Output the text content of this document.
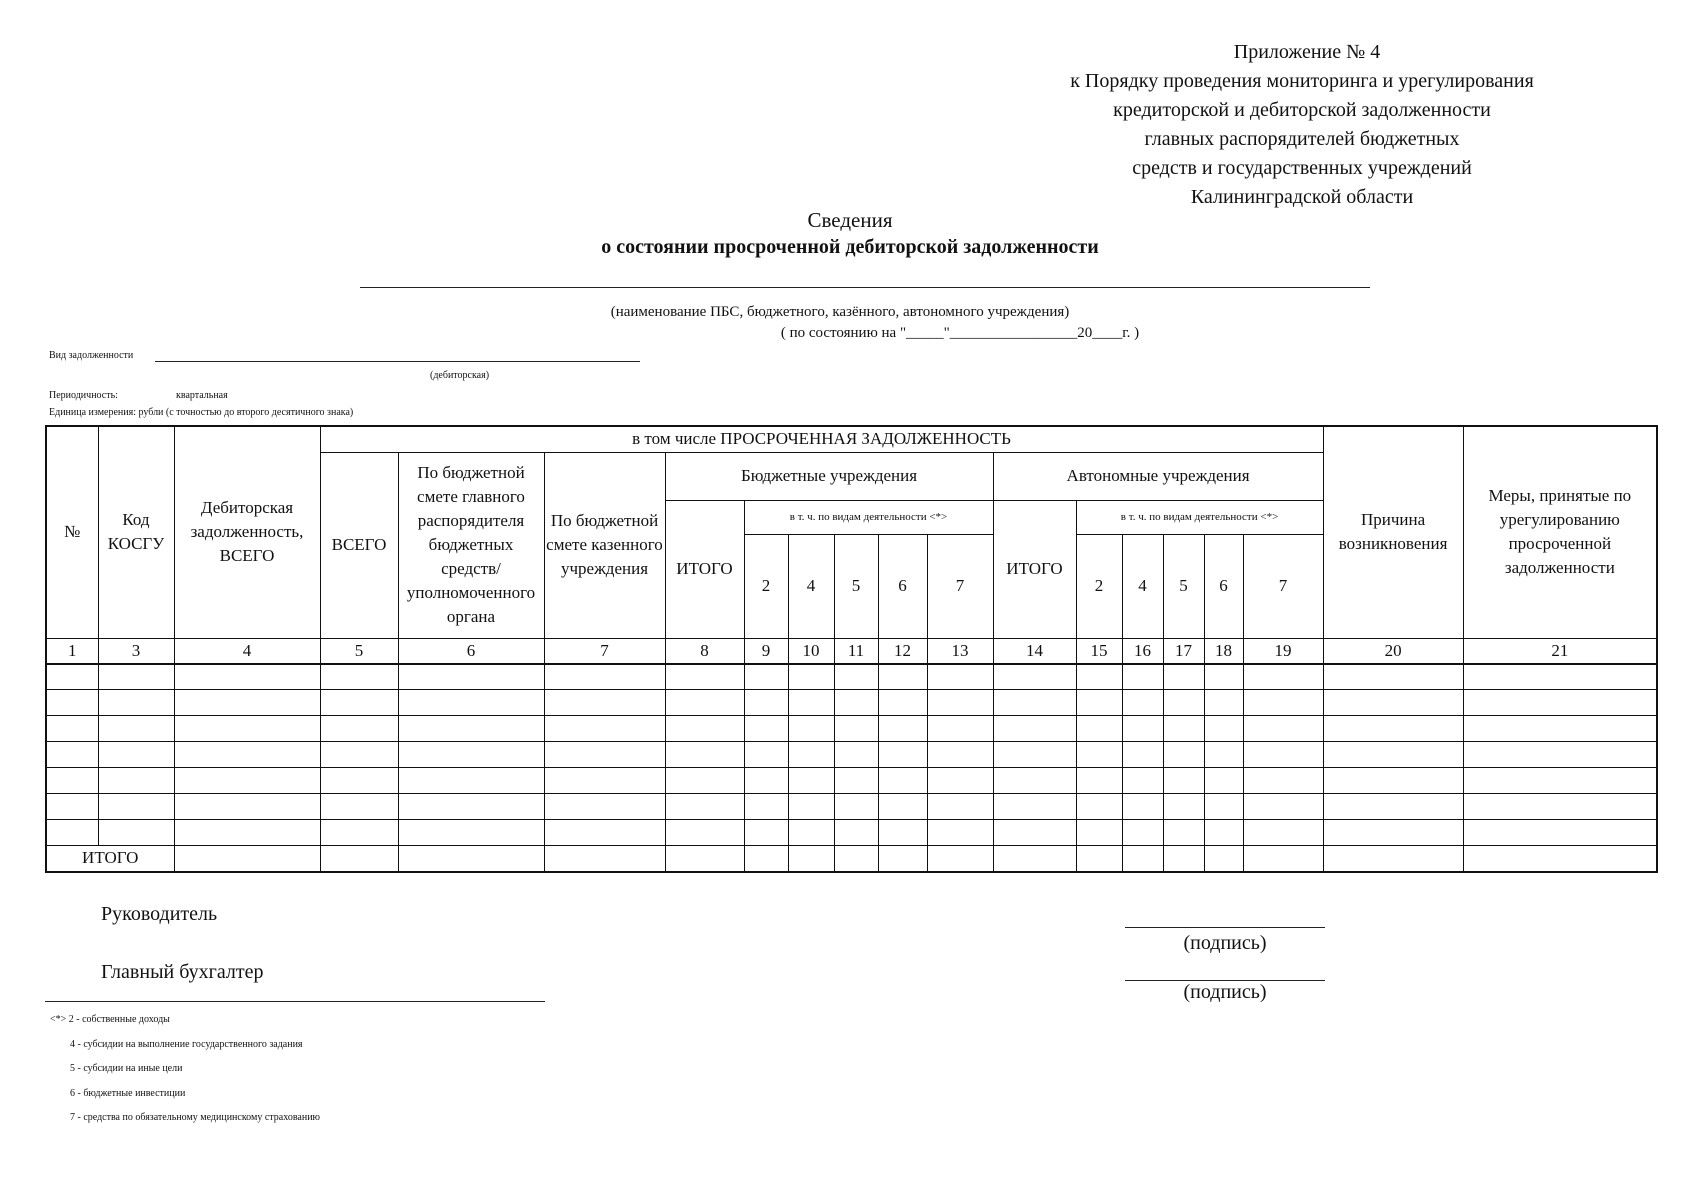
Приложение № 4
к Порядку проведения мониторинга и урегулирования
кредиторской и дебиторской задолженности
главных распорядителей бюджетных
средств и государственных учреждений
Калининградской области
Сведения
о состоянии просроченной дебиторской задолженности
(наименование ПБС, бюджетного, казённого, автономного учреждения)
( по состоянию на "_____"_________________20____г. )
Вид задолженности
(дебиторская)
Периодичность:	квартальная
Единица измерения: рубли (с точностью до второго десятичного знака)
№	Код КОСГУ	Дебиторская задолженность, ВСЕГО	в том числе ПРОСРОЧЕННАЯ ЗАДОЛЖЕННОСТЬ															Причина возникновения	Меры, принятые по урегулированию просроченной задолженности
			ВСЕГО	По бюджетной смете главного распорядителя бюджетных средств/уполномоченного органа	По бюджетной смете казенного учреждения	Бюджетные учреждения						Автономные учреждения							
						ИТОГО	в т. ч. по видам деятельности <*>					ИТОГО	в т. ч. по видам деятельности <*>						
							2	4	5	6	7		2	4	5	6	7		
1	3	4	5	6	7	8	9	10	11	12	13	14	15	16	17	18	19	20	21

ИТОГО																			
Руководитель
Главный бухгалтер
(подпись)
(подпись)
<*> 2 - собственные доходы
4 - субсидии на выполнение государственного задания
5 - субсидии на иные цели
6 - бюджетные инвестиции
7 - средства по обязательному медицинскому страхованию
